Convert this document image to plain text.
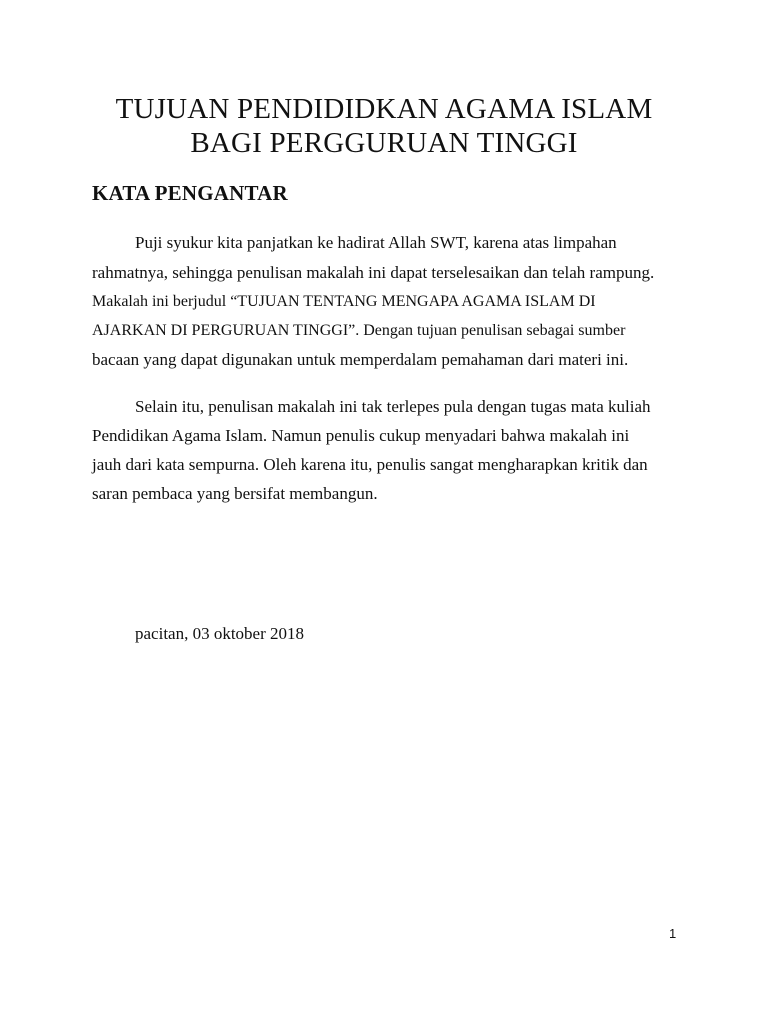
TUJUAN PENDIDIDKAN AGAMA ISLAM
BAGI PERGGURUAN TINGGI
KATA PENGANTAR
Puji syukur kita panjatkan ke hadirat Allah SWT, karena atas limpahan
rahmatnya, sehingga penulisan makalah ini dapat terselesaikan dan telah rampung.
Makalah ini berjudul “TUJUAN TENTANG MENGAPA AGAMA ISLAM DI
AJARKAN DI PERGURUAN TINGGI”. Dengan tujuan penulisan sebagai sumber
bacaan yang dapat digunakan untuk memperdalam pemahaman dari materi ini.
Selain itu, penulisan makalah ini tak terlepes pula dengan tugas mata kuliah
Pendidikan Agama Islam. Namun penulis cukup menyadari bahwa makalah ini
jauh dari kata sempurna. Oleh karena itu, penulis sangat mengharapkan kritik dan
saran pembaca yang bersifat membangun.
pacitan, 03 oktober 2018
1
